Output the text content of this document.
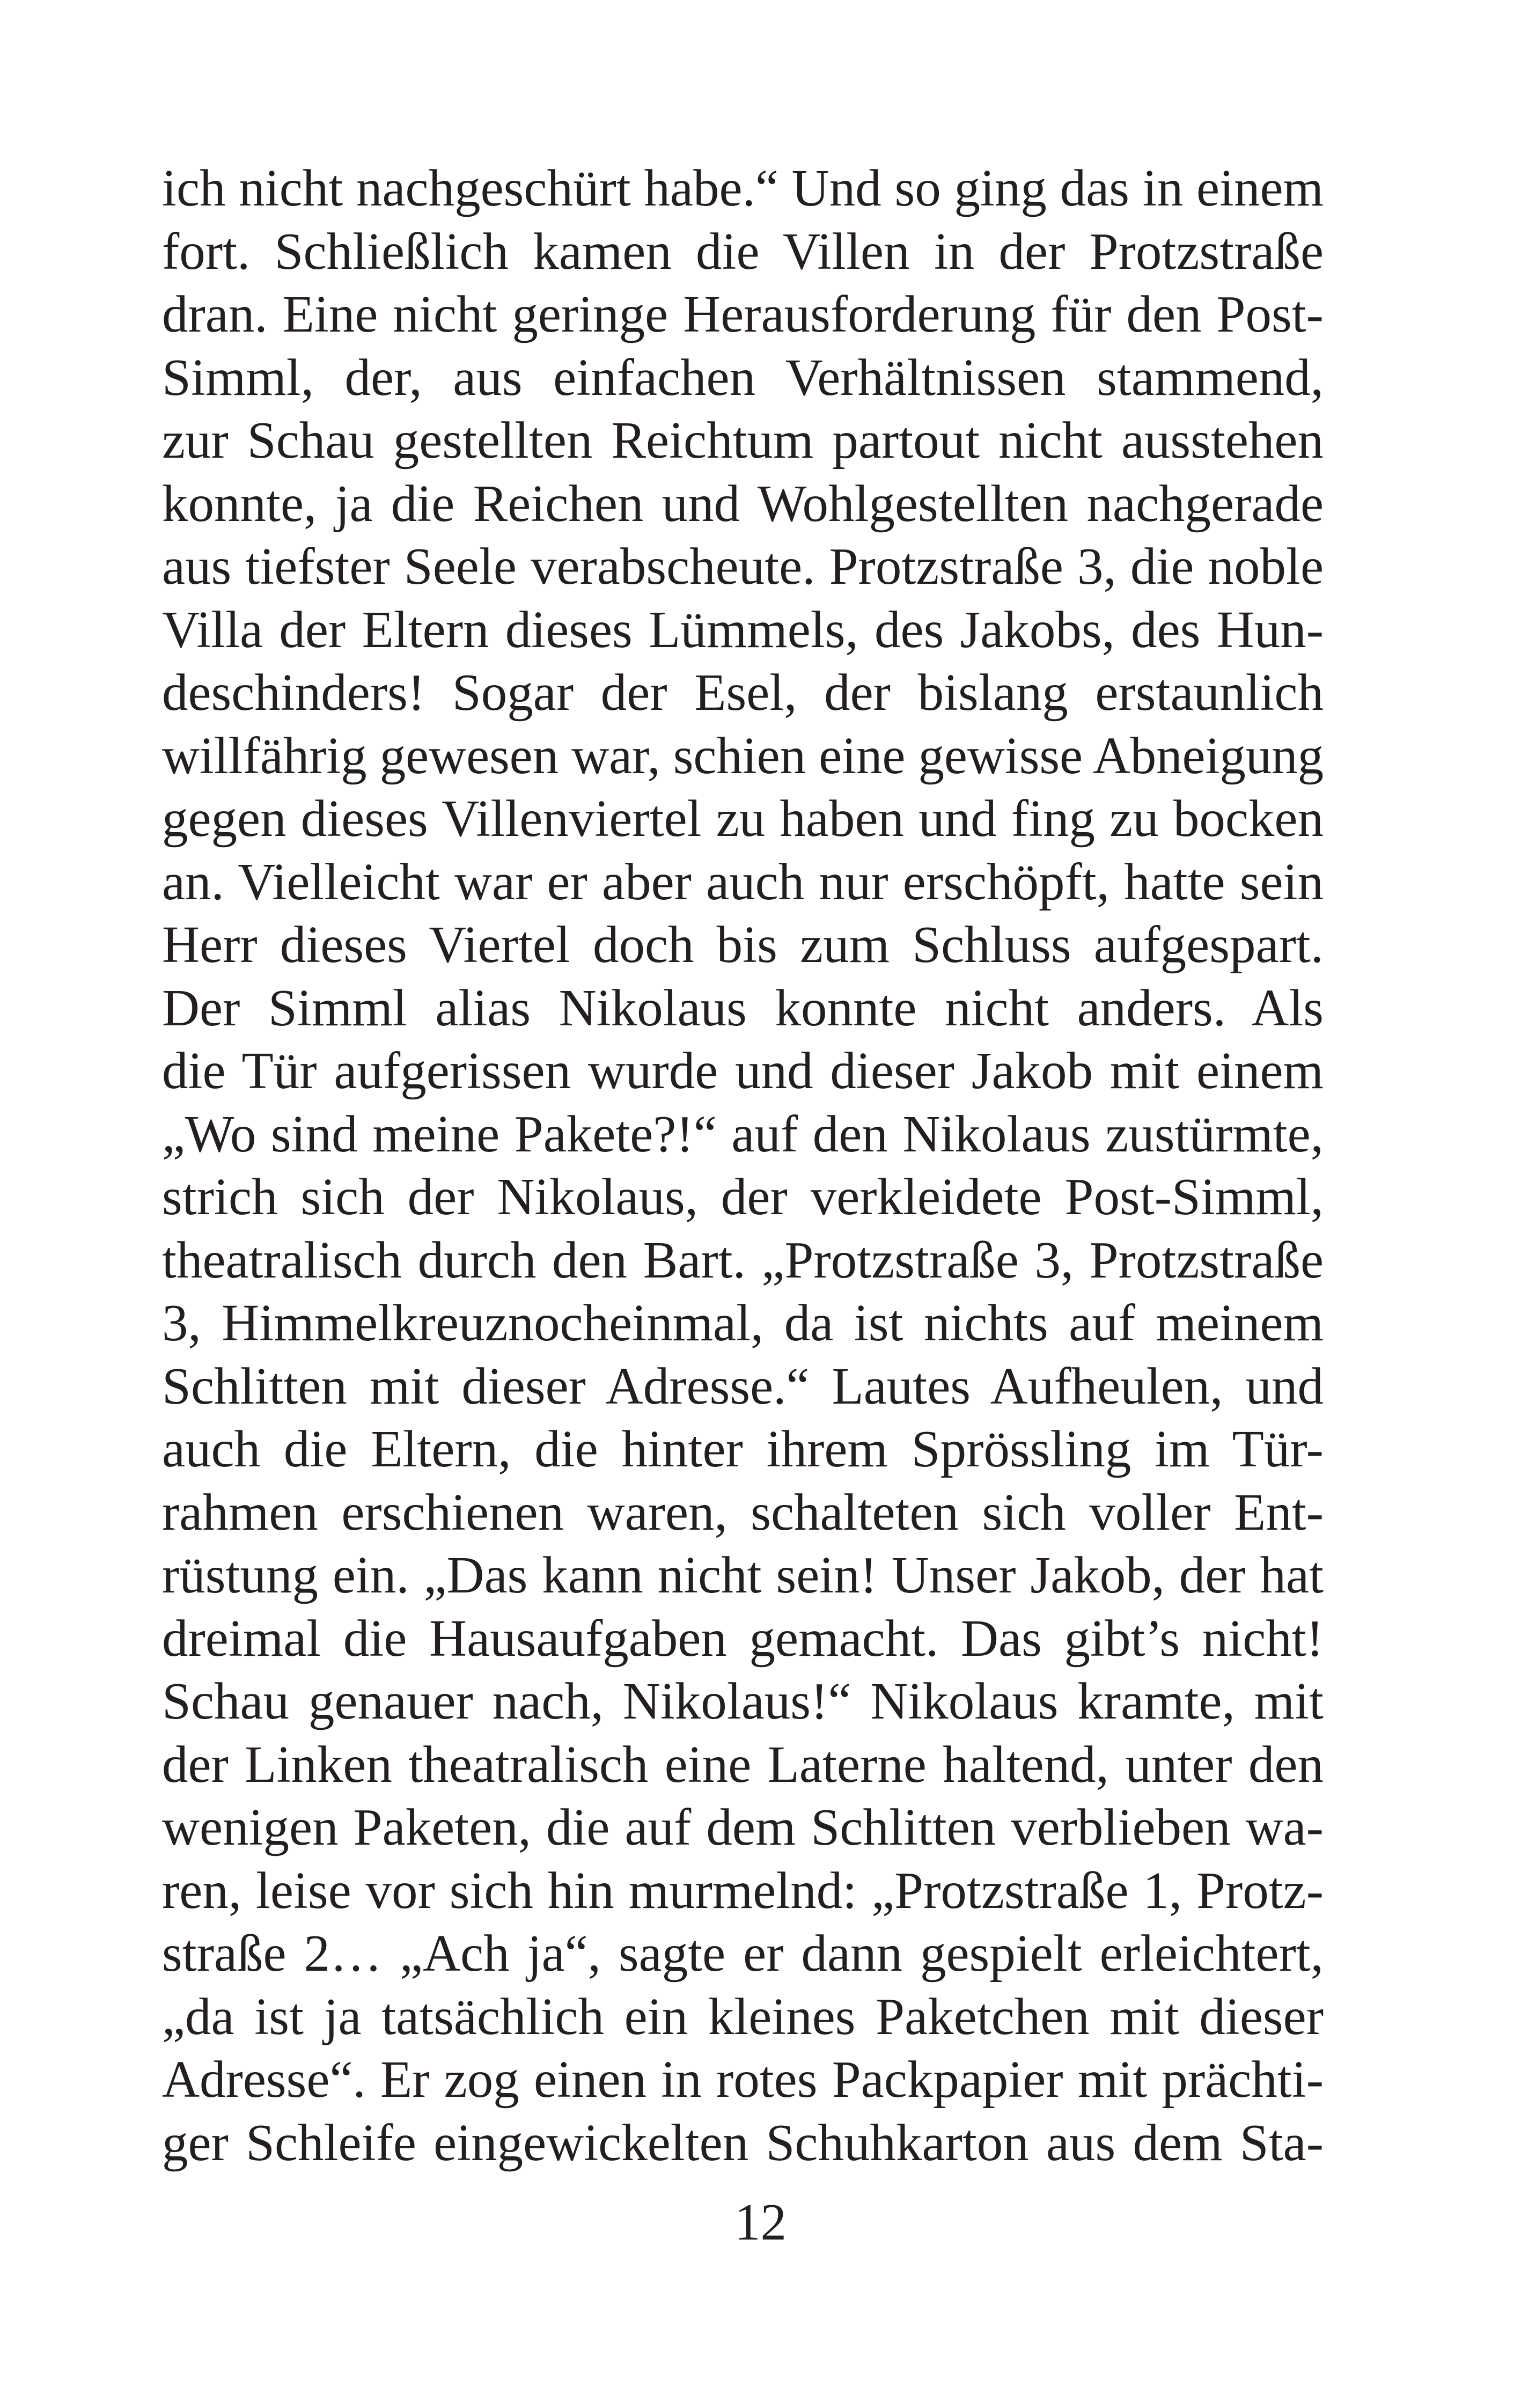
ich nicht nachgeschürt habe.“ Und so ging das in einem
fort. Schließlich kamen die Villen in der Protzstraße
dran. Eine nicht geringe Herausforderung für den Post-
Simml, der, aus einfachen Verhältnissen stammend,
zur Schau gestellten Reichtum partout nicht ausstehen
konnte, ja die Reichen und Wohlgestellten nachgerade
aus tiefster Seele verabscheute. Protzstraße 3, die noble
Villa der Eltern dieses Lümmels, des Jakobs, des Hun-
deschinders! Sogar der Esel, der bislang erstaunlich
willfährig gewesen war, schien eine gewisse Abneigung
gegen dieses Villenviertel zu haben und fing zu bocken
an. Vielleicht war er aber auch nur erschöpft, hatte sein
Herr dieses Viertel doch bis zum Schluss aufgespart.
Der Simml alias Nikolaus konnte nicht anders. Als
die Tür aufgerissen wurde und dieser Jakob mit einem
„Wo sind meine Pakete?!“ auf den Nikolaus zustürmte,
strich sich der Nikolaus, der verkleidete Post-Simml,
theatralisch durch den Bart. „Protzstraße 3, Protzstraße
3, Himmelkreuznocheinmal, da ist nichts auf meinem
Schlitten mit dieser Adresse.“ Lautes Aufheulen, und
auch die Eltern, die hinter ihrem Sprössling im Tür-
rahmen erschienen waren, schalteten sich voller Ent-
rüstung ein. „Das kann nicht sein! Unser Jakob, der hat
dreimal die Hausaufgaben gemacht. Das gibt’s nicht!
Schau genauer nach, Nikolaus!“ Nikolaus kramte, mit
der Linken theatralisch eine Laterne haltend, unter den
wenigen Paketen, die auf dem Schlitten verblieben wa-
ren, leise vor sich hin murmelnd: „Protzstraße 1, Protz-
straße 2… „Ach ja“, sagte er dann gespielt erleichtert,
„da ist ja tatsächlich ein kleines Paketchen mit dieser
Adresse“. Er zog einen in rotes Packpapier mit prächti-
ger Schleife eingewickelten Schuhkarton aus dem Sta-
12
